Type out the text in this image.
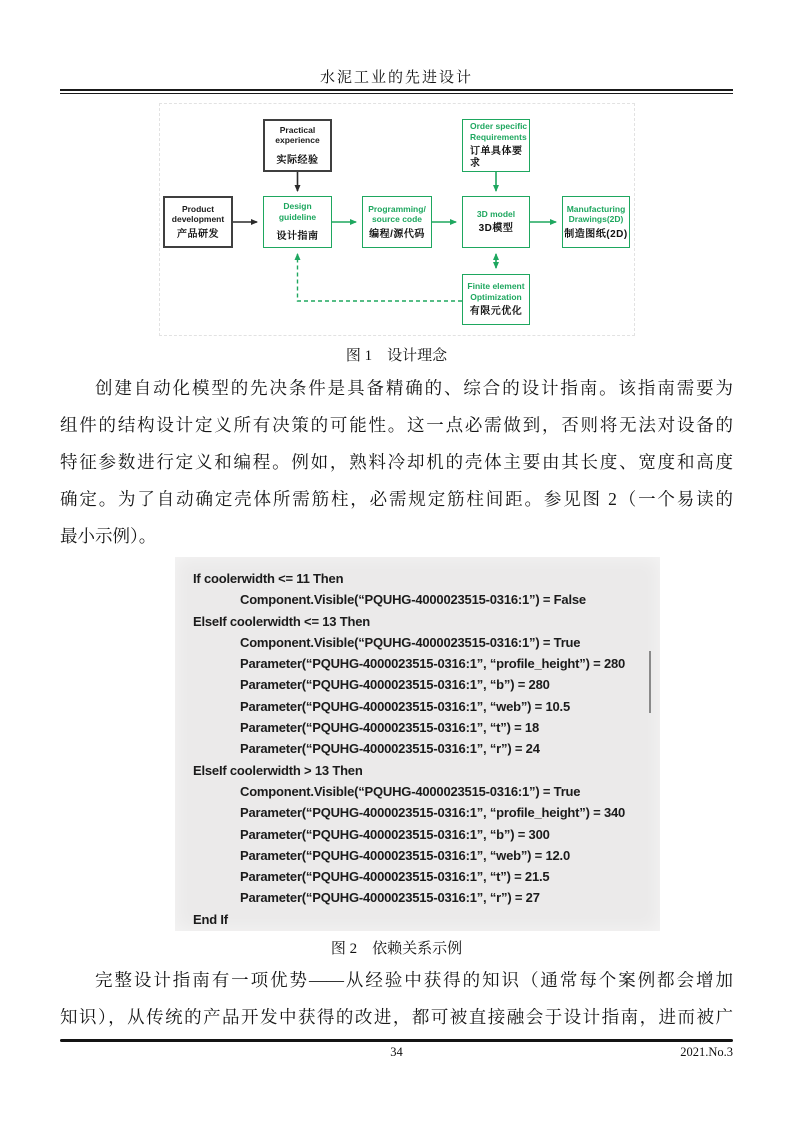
水泥工业的先进设计
Practical
experience
实际经验
Order specific
Requirements
订单具体要求
Product
development
产品研发
Design guideline
设计指南
Programming/
source code
编程/源代码
3D model
3D模型
Manufacturing
Drawings(2D)
制造图纸(2D)
Finite element
Optimization
有限元优化
图 1　设计理念
创建自动化模型的先决条件是具备精确的、综合的设计指南。该指南需要为
组件的结构设计定义所有决策的可能性。这一点必需做到，否则将无法对设备的
特征参数进行定义和编程。例如，熟料冷却机的壳体主要由其长度、宽度和高度
确定。为了自动确定壳体所需筋柱，必需规定筋柱间距。参见图 2（一个易读的
最小示例）。
If coolerwidth <= 11 Then
Component.Visible(“PQUHG-4000023515-0316:1”) = False
ElseIf coolerwidth <= 13 Then
Component.Visible(“PQUHG-4000023515-0316:1”) = True
Parameter(“PQUHG-4000023515-0316:1”, “profile_height”) = 280
Parameter(“PQUHG-4000023515-0316:1”, “b”) = 280
Parameter(“PQUHG-4000023515-0316:1”, “web”) = 10.5
Parameter(“PQUHG-4000023515-0316:1”, “t”) = 18
Parameter(“PQUHG-4000023515-0316:1”, “r”) = 24
ElseIf coolerwidth > 13 Then
Component.Visible(“PQUHG-4000023515-0316:1”) = True
Parameter(“PQUHG-4000023515-0316:1”, “profile_height”) = 340
Parameter(“PQUHG-4000023515-0316:1”, “b”) = 300
Parameter(“PQUHG-4000023515-0316:1”, “web”) = 12.0
Parameter(“PQUHG-4000023515-0316:1”, “t”) = 21.5
Parameter(“PQUHG-4000023515-0316:1”, “r”) = 27
End If
图 2　依赖关系示例
完整设计指南有一项优势——从经验中获得的知识（通常每个案例都会增加
知识），从传统的产品开发中获得的改进，都可被直接融会于设计指南，进而被广
34	2021.No.3
